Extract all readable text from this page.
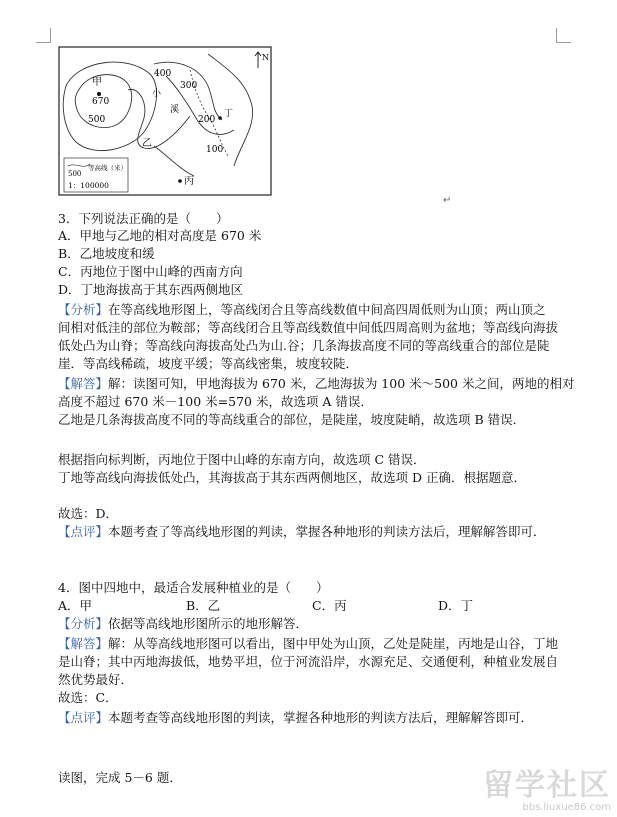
甲
670
500
400
300
小
溪
200
丁
100
乙
丙
N
500
等高线（米）
1：100000
↵
3．下列说法正确的是（　　）
A．甲地与乙地的相对高度是 670 米
B．乙地坡度和缓
C．丙地位于图中山峰的西南方向
D．丁地海拔高于其东西两侧地区
【分析】在等高线地形图上，等高线闭合且等高线数值中间高四周低则为山顶；两山顶之
间相对低洼的部位为鞍部；等高线闭合且等高线数值中间低四周高则为盆地；等高线向海拔
低处凸为山脊；等高线向海拔高处凸为山.谷；几条海拔高度不同的等高线重合的部位是陡
崖．等高线稀疏，坡度平缓；等高线密集，坡度较陡．
【解答】解：读图可知，甲地海拔为 670 米，乙地海拔为 100 米～500 米之间，两地的相对
高度不超过 670 米－100 米=570 米，故选项 A 错误．
乙地是几条海拔高度不同的等高线重合的部位，是陡崖，坡度陡峭，故选项 B 错误．
根据指向标判断，丙地位于图中山峰的东南方向，故选项 C 错误．
丁地等高线向海拔低处凸，其海拔高于其东西两侧地区，故选项 D 正确．根据题意．
故选：D．
【点评】本题考查了等高线地形图的判读，掌握各种地形的判读方法后，理解解答即可．
4．图中四地中，最适合发展种植业的是（　　）
A．甲	B．乙	C．丙	D．丁
【分析】依据等高线地形图所示的地形解答．
【解答】解：从等高线地形图可以看出，图中甲处为山顶，乙处是陡崖，丙地是山谷，丁地
是山脊；其中丙地海拔低，地势平坦，位于河流沿岸，水源充足、交通便利，种植业发展自
然优势最好．
故选：C．
【点评】本题考查等高线地形图的判读，掌握各种地形的判读方法后，理解解答即可．
读图，完成 5－6 题．	留学社区
bbs.liuxue86.com
